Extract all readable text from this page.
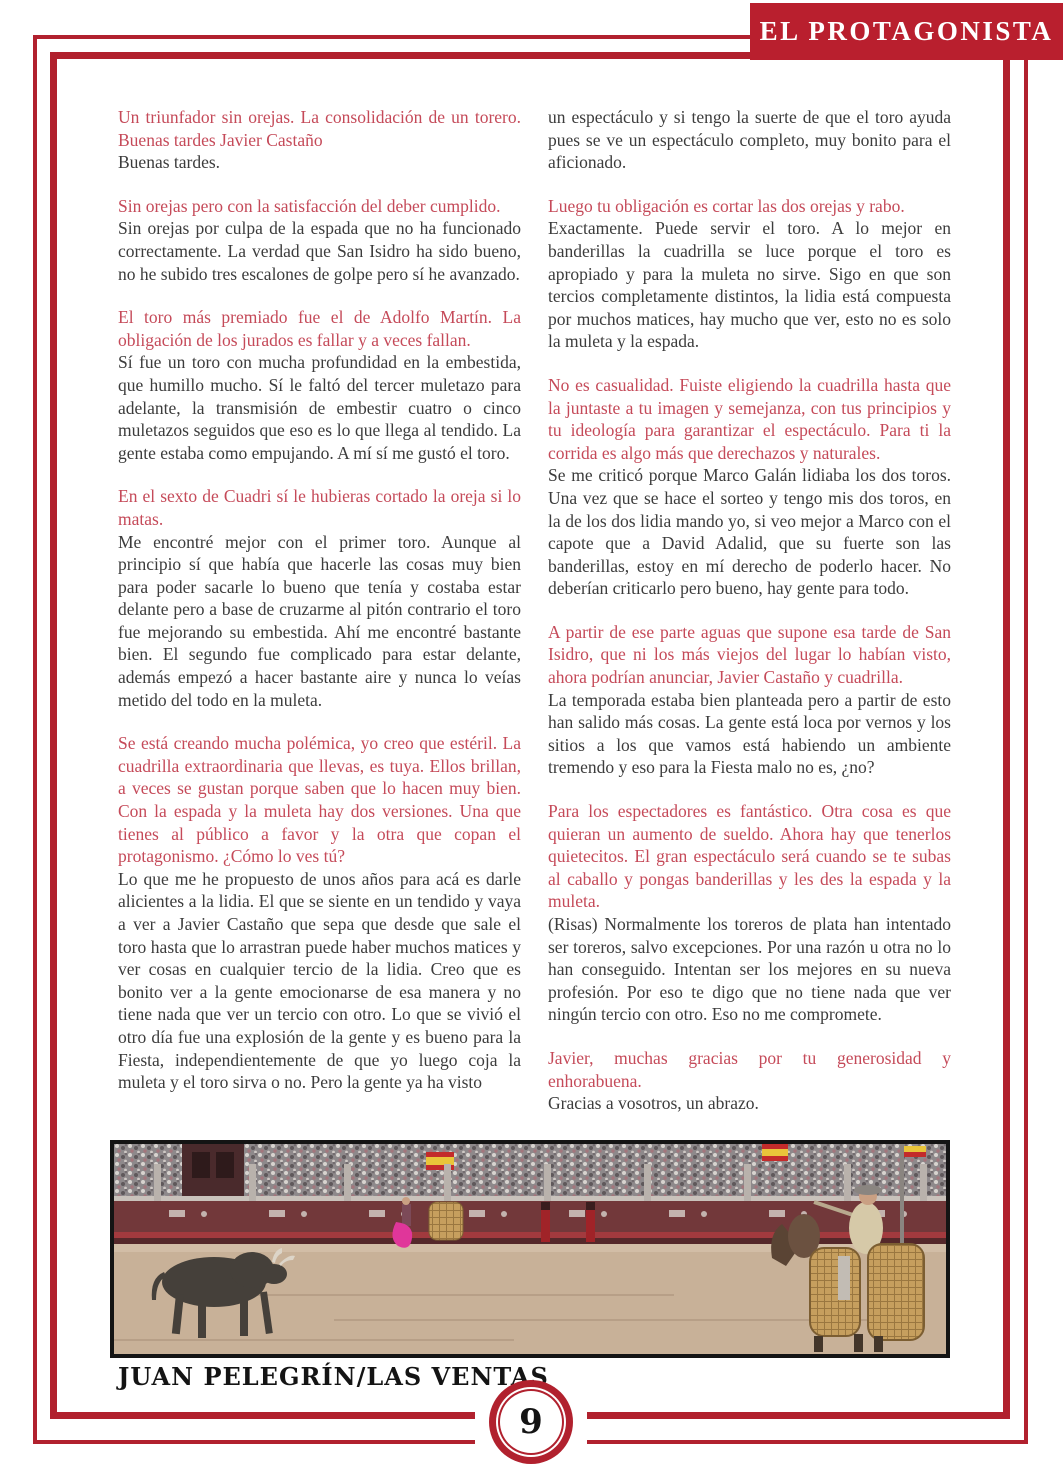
EL PROTAGONISTA

Un triunfador sin orejas. La consolidación de un torero. Buenas tardes Javier Castaño

Buenas tardes.

Sin orejas pero con la satisfacción del deber cumplido.

Sin orejas por culpa de la espada que no ha funcionado correctamente. La verdad que San Isidro ha sido bueno, no he subido tres escalones de golpe pero sí he avanzado.

El toro más premiado fue el de Adolfo Martín. La obligación de los jurados es fallar y a veces fallan.

Sí fue un toro con mucha profundidad en la embestida, que humillo mucho. Sí le faltó del tercer muletazo para adelante, la transmisión de embestir cuatro o cinco muletazos seguidos que eso es lo que llega al tendido. La gente estaba como empujando. A mí sí me gustó el toro.

En el sexto de Cuadri sí le hubieras cortado la oreja si lo matas.

Me encontré mejor con el primer toro. Aunque al principio sí que había que hacerle las cosas muy bien para poder sacarle lo bueno que tenía y costaba estar delante pero a base de cruzarme al pitón contrario el toro fue mejorando su embestida. Ahí me encontré bastante bien. El segundo fue complicado para estar delante, además empezó a hacer bastante aire y nunca lo veías metido del todo en la muleta.

Se está creando mucha polémica, yo creo que estéril. La cuadrilla extraordinaria que llevas, es tuya. Ellos brillan, a veces se gustan porque saben que lo hacen muy bien. Con la espada y la muleta hay dos versiones. Una que tienes al público a favor y la otra que copan el protagonismo. ¿Cómo lo ves tú?

Lo que me he propuesto de unos años para acá es darle alicientes a la lidia. El que se siente en un tendido y vaya a ver a Javier Castaño que sepa que desde que sale el toro hasta que lo arrastran puede haber muchos matices y ver cosas en cualquier tercio de la lidia. Creo que es bonito ver a la gente emocionarse de esa manera y no tiene nada que ver un tercio con otro. Lo que se vivió el otro día fue una explosión de la gente y es bueno para la Fiesta, independientemente de que yo luego coja la muleta y el toro sirva o no. Pero la gente ya ha visto

un espectáculo y si tengo la suerte de que el toro ayuda pues se ve un espectáculo completo, muy bonito para el aficionado.

Luego tu obligación es cortar las dos orejas y rabo.

Exactamente. Puede servir el toro. A lo mejor en banderillas la cuadrilla se luce porque el toro es apropiado y para la muleta no sirve. Sigo en que son tercios completamente distintos, la lidia está compuesta por muchos matices, hay mucho que ver, esto no es solo la muleta y la espada.

No es casualidad. Fuiste eligiendo la cuadrilla hasta que la juntaste a tu imagen y semejanza, con tus principios y tu ideología para garantizar el espectáculo. Para ti la corrida es algo más que derechazos y naturales.

Se me criticó porque Marco Galán lidiaba los dos toros. Una vez que se hace el sorteo y tengo mis dos toros, en la de los dos lidia mando yo, si veo mejor a Marco con el capote que a David Adalid, que su fuerte son las banderillas, estoy en mí derecho de poderlo hacer. No deberían criticarlo pero bueno, hay gente para todo.

A partir de ese parte aguas que supone esa tarde de San Isidro, que ni los más viejos del lugar lo habían visto, ahora podrían anunciar, Javier Castaño y cuadrilla.

La temporada estaba bien planteada pero a partir de esto han salido más cosas. La gente está loca por vernos y los sitios a los que vamos está habiendo un ambiente tremendo y eso para la Fiesta malo no es, ¿no?

Para los espectadores es fantástico. Otra cosa es que quieran un aumento de sueldo. Ahora hay que tenerlos quietecitos. El gran espectáculo será cuando se te subas al caballo y pongas banderillas y les des la espada y la muleta.

(Risas) Normalmente los toreros de plata han intentado ser toreros, salvo excepciones. Por una razón u otra no lo han conseguido. Intentan ser los mejores en su nueva profesión. Por eso te digo que no tiene nada que ver ningún tercio con otro. Eso no me compromete.

Javier, muchas gracias por tu generosidad y enhorabuena.

Gracias a vosotros, un abrazo.

JUAN PELEGRÍN/LAS VENTAS
9
